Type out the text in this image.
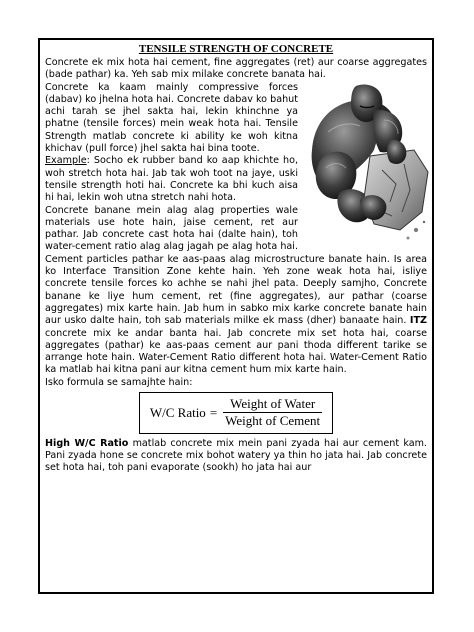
TENSILE STRENGTH OF CONCRETE

Concrete ek mix hota hai cement, fine aggregates (ret) aur coarse aggregates (bade pathar) ka. Yeh sab mix milake concrete banata hai.

Concrete ka kaam mainly compressive forces (dabav) ko jhelna hota hai. Concrete dabav ko bahut achi tarah se jhel sakta hai, lekin khinchne ya phatne (tensile forces) mein weak hota hai. Tensile Strength matlab concrete ki ability ke woh kitna khichav (pull force) jhel sakta hai bina toote.

Example: Socho ek rubber band ko aap khichte ho, woh stretch hota hai. Jab tak woh toot na jaye, uski tensile strength hoti hai. Concrete ka bhi kuch aisa hi hai, lekin woh utna stretch nahi hota.

Concrete banane mein alag alag properties wale materials use hote hain, jaise cement, ret aur pathar. Jab concrete cast hota hai (dalte hain), toh water-cement ratio alag alag jagah pe alag hota hai. Cement particles pathar ke aas-paas alag microstructure banate hain. Is area ko Interface Transition Zone kehte hain. Yeh zone weak hota hai, isliye concrete tensile forces ko achhe se nahi jhel pata. Deeply samjho, Concrete banane ke liye hum cement, ret (fine aggregates), aur pathar (coarse aggregates) mix karte hain. Jab hum in sabko mix karke concrete banate hain aur usko dalte hain, toh sab materials milke ek mass (dher) banaate hain. ITZ concrete mix ke andar banta hai. Jab concrete mix set hota hai, coarse aggregates (pathar) ke aas-paas cement aur pani thoda different tarike se arrange hote hain. Water-Cement Ratio different hota hai. Water-Cement Ratio ka matlab hai kitna pani aur kitna cement hum mix karte hain.

Isko formula se samajhte hain:

W/C Ratio = $\frac{\text{Weight of Water}}{\text{Weight of Cement}}$

High W/C Ratio matlab concrete mix mein pani zyada hai aur cement kam. Pani zyada hone se concrete mix bohot watery ya thin ho jata hai. Jab concrete set hota hai, toh pani evaporate (sookh) ho jata hai aur
